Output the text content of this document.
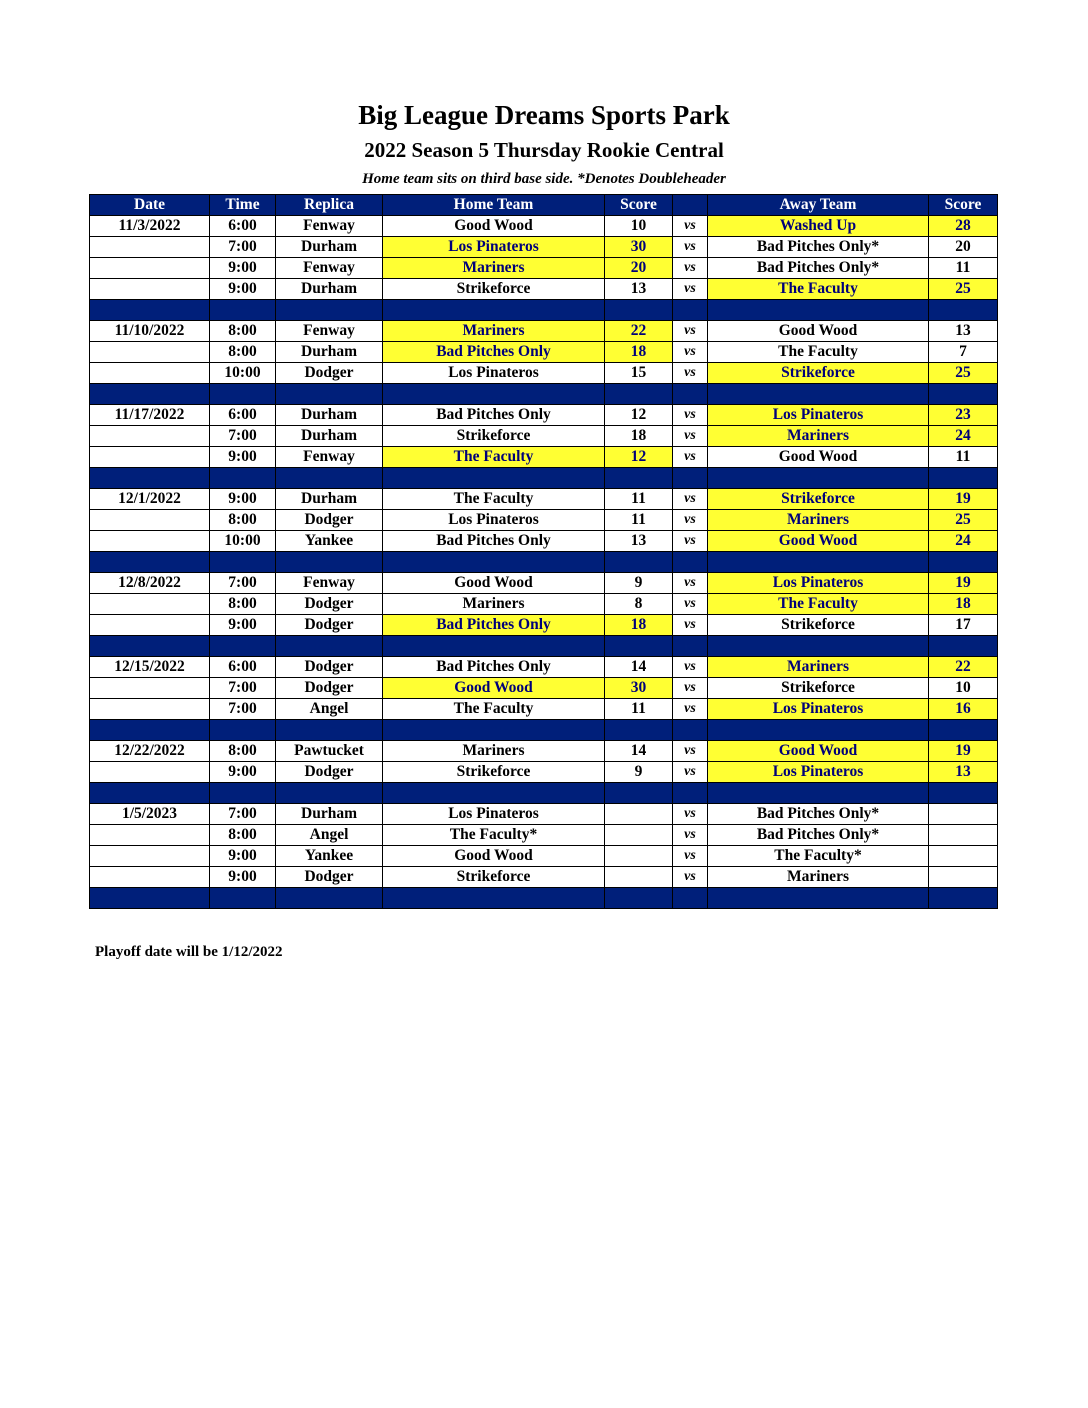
Big League Dreams Sports Park
2022 Season 5 Thursday Rookie Central
Home team sits on third base side. *Denotes Doubleheader
Date	Time	Replica	Home Team	Score		Away Team	Score
11/3/2022	6:00	Fenway	Good Wood	10	vs	Washed Up	28
	7:00	Durham	Los Pinateros	30	vs	Bad Pitches Only*	20
	9:00	Fenway	Mariners	20	vs	Bad Pitches Only*	11
	9:00	Durham	Strikeforce	13	vs	The Faculty	25

11/10/2022	8:00	Fenway	Mariners	22	vs	Good Wood	13
	8:00	Durham	Bad Pitches Only	18	vs	The Faculty	7
	10:00	Dodger	Los Pinateros	15	vs	Strikeforce	25

11/17/2022	6:00	Durham	Bad Pitches Only	12	vs	Los Pinateros	23
	7:00	Durham	Strikeforce	18	vs	Mariners	24
	9:00	Fenway	The Faculty	12	vs	Good Wood	11

12/1/2022	9:00	Durham	The Faculty	11	vs	Strikeforce	19
	8:00	Dodger	Los Pinateros	11	vs	Mariners	25
	10:00	Yankee	Bad Pitches Only	13	vs	Good Wood	24

12/8/2022	7:00	Fenway	Good Wood	9	vs	Los Pinateros	19
	8:00	Dodger	Mariners	8	vs	The Faculty	18
	9:00	Dodger	Bad Pitches Only	18	vs	Strikeforce	17

12/15/2022	6:00	Dodger	Bad Pitches Only	14	vs	Mariners	22
	7:00	Dodger	Good Wood	30	vs	Strikeforce	10
	7:00	Angel	The Faculty	11	vs	Los Pinateros	16

12/22/2022	8:00	Pawtucket	Mariners	14	vs	Good Wood	19
	9:00	Dodger	Strikeforce	9	vs	Los Pinateros	13

1/5/2023	7:00	Durham	Los Pinateros		vs	Bad Pitches Only*	
	8:00	Angel	The Faculty*		vs	Bad Pitches Only*	
	9:00	Yankee	Good Wood		vs	The Faculty*	
	9:00	Dodger	Strikeforce		vs	Mariners	

Playoff date will be 1/12/2022
